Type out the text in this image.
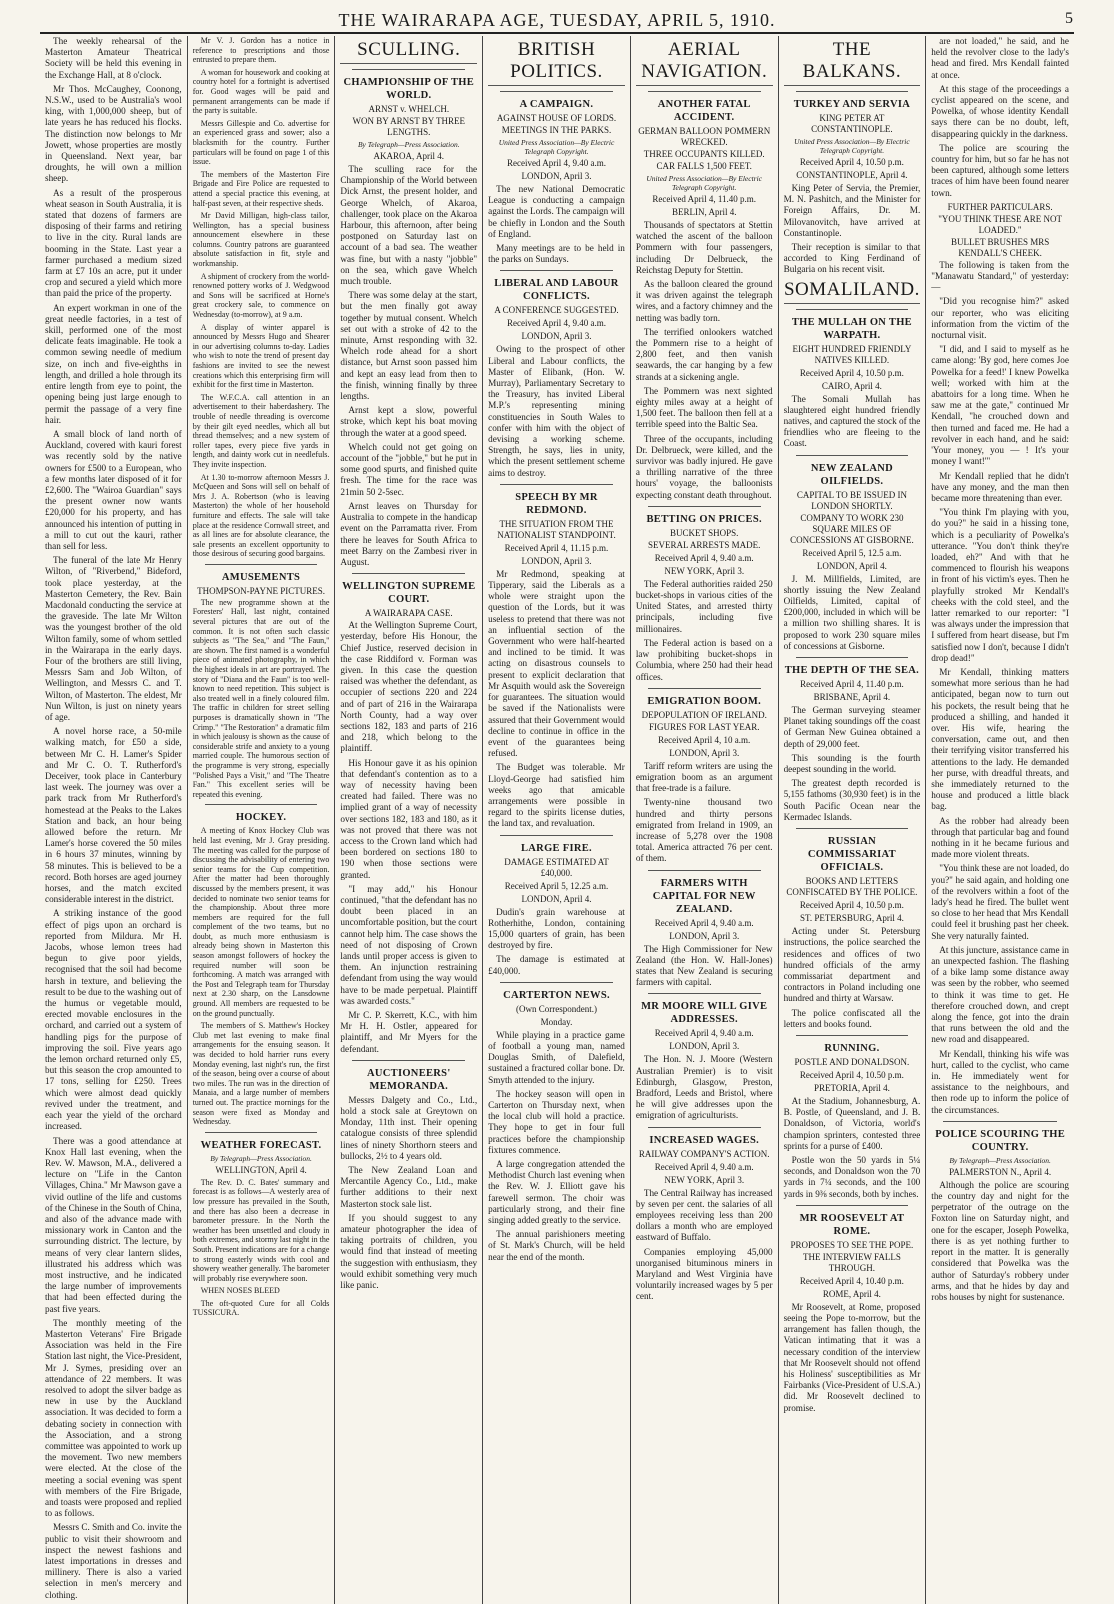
THE WAIRARAPA AGE, TUESDAY, APRIL 5, 1910.	5

The weekly rehearsal of the Masterton Amateur Theatrical Society will be held this evening in the Exchange Hall, at 8 o'clock.

Mr Thos. McCaughey, Coonong, N.S.W., used to be Australia's wool king, with 1,000,000 sheep, but of late years he has reduced his flocks. The distinction now belongs to Mr Jowett, whose properties are mostly in Queensland. Next year, bar droughts, he will own a million sheep.

As a result of the prosperous wheat season in South Australia, it is stated that dozens of farmers are disposing of their farms and retiring to live in the city. Rural lands are booming in the State. Last year a farmer purchased a medium sized farm at £7 10s an acre, put it under crop and secured a yield which more than paid the price of the property.

An expert workman in one of the great needle factories, in a test of skill, performed one of the most delicate feats imaginable. He took a common sewing needle of medium size, on inch and five-eighths in length, and drilled a hole through its entire length from eye to point, the opening being just large enough to permit the passage of a very fine hair.

A small block of land north of Auckland, covered with kauri forest was recently sold by the native owners for £500 to a European, who a few months later disposed of it for £2,600. The "Wairoa Guardian" says the present owner now wants £20,000 for his property, and has announced his intention of putting in a mill to cut out the kauri, rather than sell for less.

The funeral of the late Mr Henry Wilton, of "Riverbend," Bideford, took place yesterday, at the Masterton Cemetery, the Rev. Bain Macdonald conducting the service at the graveside. The late Mr Wilton was the youngest brother of the old Wilton family, some of whom settled in the Wairarapa in the early days. Four of the brothers are still living, Messrs Sam and Job Wilton, of Wellington, and Messrs C. and T. Wilton, of Masterton. The eldest, Mr Nun Wilton, is just on ninety years of age.

A novel horse race, a 50-mile walking match, for £50 a side, between Mr C. H. Lamer's Spider and Mr C. O. T. Rutherford's Deceiver, took place in Canterbury last week. The journey was over a park track from Mr Rutherford's homestead at the Peaks to the Lakes Station and back, an hour being allowed before the return. Mr Lamer's horse covered the 50 miles in 6 hours 37 minutes, winning by 58 minutes. This is believed to be a record. Both horses are aged journey horses, and the match excited considerable interest in the district.

A striking instance of the good effect of pigs upon an orchard is reported from Mildura. Mr H. Jacobs, whose lemon trees had begun to give poor yields, recognised that the soil had become harsh in texture, and believing the result to be due to the washing out of the humus or vegetable mould, erected movable enclosures in the orchard, and carried out a system of handling pigs for the purpose of improving the soil. Five years ago the lemon orchard returned only £5, but this season the crop amounted to 17 tons, selling for £250. Trees which were almost dead quickly revived under the treatment, and each year the yield of the orchard increased.

There was a good attendance at Knox Hall last evening, when the Rev. W. Mawson, M.A., delivered a lecture on "Life in the Canton Villages, China." Mr Mawson gave a vivid outline of the life and customs of the Chinese in the South of China, and also of the advance made with missionary work in Canton and the surrounding district. The lecture, by means of very clear lantern slides, illustrated his address which was most instructive, and he indicated the large number of improvements that had been effected during the past five years.

The monthly meeting of the Masterton Veterans' Fire Brigade Association was held in the Fire Station last night, the Vice-President, Mr J. Symes, presiding over an attendance of 22 members. It was resolved to adopt the silver badge as new in use by the Auckland association. It was decided to form a debating society in connection with the Association, and a strong committee was appointed to work up the movement. Two new members were elected. At the close of the meeting a social evening was spent with members of the Fire Brigade, and toasts were proposed and replied to as follows.

Messrs C. Smith and Co. invite the public to visit their showroom and inspect the newest fashions and latest importations in dresses and millinery. There is also a varied selection in men's mercery and clothing.

Mr V. J. Gordon has a notice in reference to prescriptions and those entrusted to prepare them.

A woman for housework and cooking at country hotel for a fortnight is advertised for. Good wages will be paid and permanent arrangements can be made if the party is suitable.

Messrs Gillespie and Co. advertise for an experienced grass and sower; also a blacksmith for the country. Further particulars will be found on page 1 of this issue.

The members of the Masterton Fire Brigade and Fire Police are requested to attend a special practice this evening, at half-past seven, at their respective sheds.

Mr David Milligan, high-class tailor, Wellington, has a special business announcement elsewhere in these columns. Country patrons are guaranteed absolute satisfaction in fit, style and workmanship.

A shipment of crockery from the world-renowned pottery works of J. Wedgwood and Sons will be sacrificed at Horne's great crockery sale, to commence on Wednesday (to-morrow), at 9 a.m.

A display of winter apparel is announced by Messrs Hugo and Shearer in our advertising columns to-day. Ladies who wish to note the trend of present day fashions are invited to see the newest creations which this enterprising firm will exhibit for the first time in Masterton.

The W.F.C.A. call attention in an advertisement to their haberdashery. The trouble of needle threading is overcome by their gilt eyed needles, which all but thread themselves; and a new system of roller tapes, every piece five yards in length, and dainty work cut in needlefuls. They invite inspection.

At 1.30 to-morrow afternoon Messrs J. McQueen and Sons will sell on behalf of Mrs J. A. Robertson (who is leaving Masterton) the whole of her household furniture and effects. The sale will take place at the residence Cornwall street, and as all lines are for absolute clearance, the sale presents an excellent opportunity to those desirous of securing good bargains.

AMUSEMENTS
THOMPSON-PAYNE PICTURES.

The new programme shown at the Foresters' Hall, last night, contained several pictures that are out of the common. It is not often such classic subjects as "The Sea," and "The Faun," are shown. The first named is a wonderful piece of animated photography, in which the highest ideals in art are portrayed. The story of "Diana and the Faun" is too well-known to need repetition. This subject is also treated well in a finely coloured film. The traffic in children for street selling purposes is dramatically shown in "The Crimp." "The Restoration" a dramatic film in which jealousy is shown as the cause of considerable strife and anxiety to a young married couple. The humorous section of the programme is very strong, especially "Polished Pays a Visit," and "The Theatre Fan." This excellent series will be repeated this evening.

HOCKEY.

A meeting of Knox Hockey Club was held last evening, Mr J. Gray presiding. The meeting was called for the purpose of discussing the advisability of entering two senior teams for the Cup competition. After the matter had been thoroughly discussed by the members present, it was decided to nominate two senior teams for the championship. About three more members are required for the full complement of the two teams, but no doubt, as much more enthusiasm is already being shown in Masterton this season amongst followers of hockey the required number will soon be forthcoming. A match was arranged with the Post and Telegraph team for Thursday next at 2.30 sharp, on the Lansdowne ground. All members are requested to be on the ground punctually.

The members of S. Matthew's Hockey Club met last evening to make final arrangements for the ensuing season. It was decided to hold harrier runs every Monday evening, last night's run, the first of the season, being over a course of about two miles. The run was in the direction of Manaia, and a large number of members turned out. The practice mornings for the season were fixed as Monday and Wednesday.

WEATHER FORECAST.
By Telegraph—Press Association.
WELLINGTON, April 4.

The Rev. D. C. Bates' summary and forecast is as follows—A westerly area of low pressure has prevailed in the South, and there has also been a decrease in barometer pressure. In the North the weather has been unsettled and cloudy in both extremes, and stormy last night in the South. Present indications are for a change to strong easterly winds with cool and showery weather generally. The barometer will probably rise everywhere soon.

WHEN NOSES BLEED

The oft-quoted Cure for all Colds TUSSICURA.

SCULLING.
CHAMPIONSHIP OF THE WORLD.
ARNST v. WHELCH.
WON BY ARNST BY THREE LENGTHS.
By Telegraph—Press Association.
AKAROA, April 4.

The sculling race for the Championship of the World between Dick Arnst, the present holder, and George Whelch, of Akaroa, challenger, took place on the Akaroa Harbour, this afternoon, after being postponed on Saturday last on account of a bad sea. The weather was fine, but with a nasty "jobble" on the sea, which gave Whelch much trouble.

There was some delay at the start, but the men finally got away together by mutual consent. Whelch set out with a stroke of 42 to the minute, Arnst responding with 32. Whelch rode ahead for a short distance, but Arnst soon passed him and kept an easy lead from then to the finish, winning finally by three lengths.

Arnst kept a slow, powerful stroke, which kept his boat moving through the water at a good speed.

Whelch could not get going on account of the "jobble," but he put in some good spurts, and finished quite fresh. The time for the race was 21min 50 2-5sec.

Arnst leaves on Thursday for Australia to compete in the handicap event on the Parramatta river. From there he leaves for South Africa to meet Barry on the Zambesi river in August.

WELLINGTON SUPREME COURT.
A WAIRARAPA CASE.

At the Wellington Supreme Court, yesterday, before His Honour, the Chief Justice, reserved decision in the case Riddiford v. Forman was given. In this case the question raised was whether the defendant, as occupier of sections 220 and 224 and of part of 216 in the Wairarapa North County, had a way over sections 182, 183 and parts of 216 and 218, which belong to the plaintiff.

His Honour gave it as his opinion that defendant's contention as to a way of necessity having been created had failed. There was no implied grant of a way of necessity over sections 182, 183 and 180, as it was not proved that there was not access to the Crown land which had been bordered on sections 180 to 190 when those sections were granted.

"I may add," his Honour continued, "that the defendant has no doubt been placed in an uncomfortable position, but the court cannot help him. The case shows the need of not disposing of Crown lands until proper access is given to them. An injunction restraining defendant from using the way would have to be made perpetual. Plaintiff was awarded costs."

Mr C. P. Skerrett, K.C., with him Mr H. H. Ostler, appeared for plaintiff, and Mr Myers for the defendant.

AUCTIONEERS' MEMORANDA.

Messrs Dalgety and Co., Ltd., hold a stock sale at Greytown on Monday, 11th inst. Their opening catalogue consists of three splendid lines of ninety Shorthorn steers and bullocks, 2½ to 4 years old.

The New Zealand Loan and Mercantile Agency Co., Ltd., make further additions to their next Masterton stock sale list.

If you should suggest to any amateur photographer the idea of taking portraits of children, you would find that instead of meeting the suggestion with enthusiasm, they would exhibit something very much like panic.

BRITISH POLITICS.
A CAMPAIGN.
AGAINST HOUSE OF LORDS.
MEETINGS IN THE PARKS.
United Press Association—By Electric Telegraph Copyright.
Received April 4, 9.40 a.m.
LONDON, April 3.

The new National Democratic League is conducting a campaign against the Lords. The campaign will be chiefly in London and the South of England.

Many meetings are to be held in the parks on Sundays.

LIBERAL AND LABOUR CONFLICTS.
A CONFERENCE SUGGESTED.
Received April 4, 9.40 a.m.
LONDON, April 3.

Owing to the prospect of other Liberal and Labour conflicts, the Master of Elibank, (Hon. W. Murray), Parliamentary Secretary to the Treasury, has invited Liberal M.P.'s representing mining constituencies in South Wales to confer with him with the object of devising a working scheme. Strength, he says, lies in unity, which the present settlement scheme aims to destroy.

SPEECH BY MR REDMOND.
THE SITUATION FROM THE NATIONALIST STANDPOINT.
Received April 4, 11.15 p.m.
LONDON, April 3.

Mr Redmond, speaking at Tipperary, said the Liberals as a whole were straight upon the question of the Lords, but it was useless to pretend that there was not an influential section of the Government who were half-hearted and inclined to be timid. It was acting on disastrous counsels to present to explicit declaration that Mr Asquith would ask the Sovereign for guarantees. The situation would be saved if the Nationalists were assured that their Government would decline to continue in office in the event of the guarantees being refused.

The Budget was tolerable. Mr Lloyd-George had satisfied him weeks ago that amicable arrangements were possible in regard to the spirits license duties, the land tax, and revaluation.

LARGE FIRE.
DAMAGE ESTIMATED AT £40,000.
Received April 5, 12.25 a.m.
LONDON, April 4.

Dudin's grain warehouse at Rotherhithe, London, containing 15,000 quarters of grain, has been destroyed by fire.

The damage is estimated at £40,000.

CARTERTON NEWS.
(Own Correspondent.)
Monday.

While playing in a practice game of football a young man, named Douglas Smith, of Dalefield, sustained a fractured collar bone. Dr. Smyth attended to the injury.

The hockey season will open in Carterton on Thursday next, when the local club will hold a practice. They hope to get in four full practices before the championship fixtures commence.

A large congregation attended the Methodist Church last evening when the Rev. W. J. Elliott gave his farewell sermon. The choir was particularly strong, and their fine singing added greatly to the service.

The annual parishioners meeting of St. Mark's Church, will be held near the end of the month.

AERIAL NAVIGATION.
ANOTHER FATAL ACCIDENT.
GERMAN BALLOON POMMERN WRECKED.
THREE OCCUPANTS KILLED.
CAR FALLS 1,500 FEET.
United Press Association—By Electric Telegraph Copyright.
Received April 4, 11.40 p.m.
BERLIN, April 4.

Thousands of spectators at Stettin watched the ascent of the balloon Pommern with four passengers, including Dr Delbrueck, the Reichstag Deputy for Stettin.

As the balloon cleared the ground it was driven against the telegraph wires, and a factory chimney and the netting was badly torn.

The terrified onlookers watched the Pommern rise to a height of 2,800 feet, and then vanish seawards, the car hanging by a few strands at a sickening angle.

The Pommern was next sighted eighty miles away at a height of 1,500 feet. The balloon then fell at a terrible speed into the Baltic Sea.

Three of the occupants, including Dr. Delbrueck, were killed, and the survivor was badly injured. He gave a thrilling narrative of the three hours' voyage, the balloonists expecting constant death throughout.

BETTING ON PRICES.
BUCKET SHOPS.
SEVERAL ARRESTS MADE.
Received April 4, 9.40 a.m.
NEW YORK, April 3.

The Federal authorities raided 250 bucket-shops in various cities of the United States, and arrested thirty principals, including five millionaires.

The Federal action is based on a law prohibiting bucket-shops in Columbia, where 250 had their head offices.

EMIGRATION BOOM.
DEPOPULATION OF IRELAND.
FIGURES FOR LAST YEAR.
Received April 4, 10 a.m.
LONDON, April 3.

Tariff reform writers are using the emigration boom as an argument that free-trade is a failure.

Twenty-nine thousand two hundred and thirty persons emigrated from Ireland in 1909, an increase of 5,278 over the 1908 total. America attracted 76 per cent. of them.

FARMERS WITH CAPITAL FOR NEW ZEALAND.
Received April 4, 9.40 a.m.
LONDON, April 3.

The High Commissioner for New Zealand (the Hon. W. Hall-Jones) states that New Zealand is securing farmers with capital.

MR MOORE WILL GIVE ADDRESSES.
Received April 4, 9.40 a.m.
LONDON, April 3.

The Hon. N. J. Moore (Western Australian Premier) is to visit Edinburgh, Glasgow, Preston, Bradford, Leeds and Bristol, where he will give addresses upon the emigration of agriculturists.

INCREASED WAGES.
RAILWAY COMPANY'S ACTION.
Received April 4, 9.40 a.m.
NEW YORK, April 3.

The Central Railway has increased by seven per cent. the salaries of all employees receiving less than 200 dollars a month who are employed eastward of Buffalo.

Companies employing 45,000 unorganised bituminous miners in Maryland and West Virginia have voluntarily increased wages by 5 per cent.

THE BALKANS.
TURKEY AND SERVIA
KING PETER AT CONSTANTINOPLE.
United Press Association—By Electric Telegraph Copyright.
Received April 4, 10.50 p.m.
CONSTANTINOPLE, April 4.

King Peter of Servia, the Premier, M. N. Pashitch, and the Minister for Foreign Affairs, Dr. M. Milovanovitch, have arrived at Constantinople.

Their reception is similar to that accorded to King Ferdinand of Bulgaria on his recent visit.

SOMALILAND.
THE MULLAH ON THE WARPATH.
EIGHT HUNDRED FRIENDLY NATIVES KILLED.
Received April 4, 10.50 p.m.
CAIRO, April 4.

The Somali Mullah has slaughtered eight hundred friendly natives, and captured the stock of the friendlies who are fleeing to the Coast.

NEW ZEALAND OILFIELDS.
CAPITAL TO BE ISSUED IN LONDON SHORTLY.
COMPANY TO WORK 230 SQUARE MILES OF CONCESSIONS AT GISBORNE.
Received April 5, 12.5 a.m.
LONDON, April 4.

J. M. Millfields, Limited, are shortly issuing the New Zealand Oilfields, Limited, capital of £200,000, included in which will be a million two shilling shares. It is proposed to work 230 square miles of concessions at Gisborne.

THE DEPTH OF THE SEA.
Received April 4, 11.40 p.m.
BRISBANE, April 4.

The German surveying steamer Planet taking soundings off the coast of German New Guinea obtained a depth of 29,000 feet.

This sounding is the fourth deepest sounding in the world.

The greatest depth recorded is 5,155 fathoms (30,930 feet) is in the South Pacific Ocean near the Kermadec Islands.

RUSSIAN COMMISSARIAT OFFICIALS.
BOOKS AND LETTERS CONFISCATED BY THE POLICE.
Received April 4, 10.50 p.m.
ST. PETERSBURG, April 4.

Acting under St. Petersburg instructions, the police searched the residences and offices of two hundred officials of the army commissariat department and contractors in Poland including one hundred and thirty at Warsaw.

The police confiscated all the letters and books found.

RUNNING.
POSTLE AND DONALDSON.
Received April 4, 10.50 p.m.
PRETORIA, April 4.

At the Stadium, Johannesburg, A. B. Postle, of Queensland, and J. B. Donaldson, of Victoria, world's champion sprinters, contested three sprints for a purse of £400.

Postle won the 50 yards in 5¼ seconds, and Donaldson won the 70 yards in 7¼ seconds, and the 100 yards in 9⅜ seconds, both by inches.

MR ROOSEVELT AT ROME.
PROPOSES TO SEE THE POPE.
THE INTERVIEW FALLS THROUGH.
Received April 4, 10.40 p.m.
ROME, April 4.

Mr Roosevelt, at Rome, proposed seeing the Pope to-morrow, but the arrangement has fallen though, the Vatican intimating that it was a necessary condition of the interview that Mr Roosevelt should not offend his Holiness' susceptibilities as Mr Fairbanks (Vice-President of U.S.A.) did. Mr Roosevelt declined to promise.

are not loaded," he said, and he held the revolver close to the lady's head and fired. Mrs Kendall fainted at once.

At this stage of the proceedings a cyclist appeared on the scene, and Powelka, of whose identity Kendall says there can be no doubt, left, disappearing quickly in the darkness.

The police are scouring the country for him, but so far he has not been captured, although some letters traces of him have been found nearer town.

FURTHER PARTICULARS.
"YOU THINK THESE ARE NOT LOADED."
BULLET BRUSHES MRS KENDALL'S CHEEK.

The following is taken from the "Manawatu Standard," of yesterday:—

"Did you recognise him?" asked our reporter, who was eliciting information from the victim of the nocturnal visit.

"I did, and I said to myself as he came along: 'By god, here comes Joe Powelka for a feed!' I knew Powelka well; worked with him at the abattoirs for a long time. When he saw me at the gate," continued Mr Kendall, "he crouched down and then turned and faced me. He had a revolver in each hand, and he said: 'Your money, you — ! It's your money I want!'"

Mr Kendall replied that he didn't have any money, and the man then became more threatening than ever.

"You think I'm playing with you, do you?" he said in a hissing tone, which is a peculiarity of Powelka's utterance. "You don't think they're loaded, eh?" And with that he commenced to flourish his weapons in front of his victim's eyes. Then he playfully stroked Mr Kendall's cheeks with the cold steel, and the latter remarked to our reporter: "I was always under the impression that I suffered from heart disease, but I'm satisfied now I don't, because I didn't drop dead!"

Mr Kendall, thinking matters somewhat more serious than he had anticipated, began now to turn out his pockets, the result being that he produced a shilling, and handed it over. His wife, hearing the conversation, came out, and then their terrifying visitor transferred his attentions to the lady. He demanded her purse, with dreadful threats, and she immediately returned to the house and produced a little black bag.

As the robber had already been through that particular bag and found nothing in it he became furious and made more violent threats.

"You think these are not loaded, do you?" he said again, and holding one of the revolvers within a foot of the lady's head he fired. The bullet went so close to her head that Mrs Kendall could feel it brushing past her cheek. She very naturally fainted.

At this juncture, assistance came in an unexpected fashion. The flashing of a bike lamp some distance away was seen by the robber, who seemed to think it was time to get. He therefore crouched down, and crept along the fence, got into the drain that runs between the old and the new road and disappeared.

Mr Kendall, thinking his wife was hurt, called to the cyclist, who came in. He immediately went for assistance to the neighbours, and then rode up to inform the police of the circumstances.

POLICE SCOURING THE COUNTRY.
By Telegraph—Press Association.
PALMERSTON N., April 4.

Although the police are scouring the country day and night for the perpetrator of the outrage on the Foxton line on Saturday night, and one for the escaper, Joseph Powelka, there is as yet nothing further to report in the matter. It is generally considered that Powelka was the author of Saturday's robbery under arms, and that he hides by day and robs houses by night for sustenance.
